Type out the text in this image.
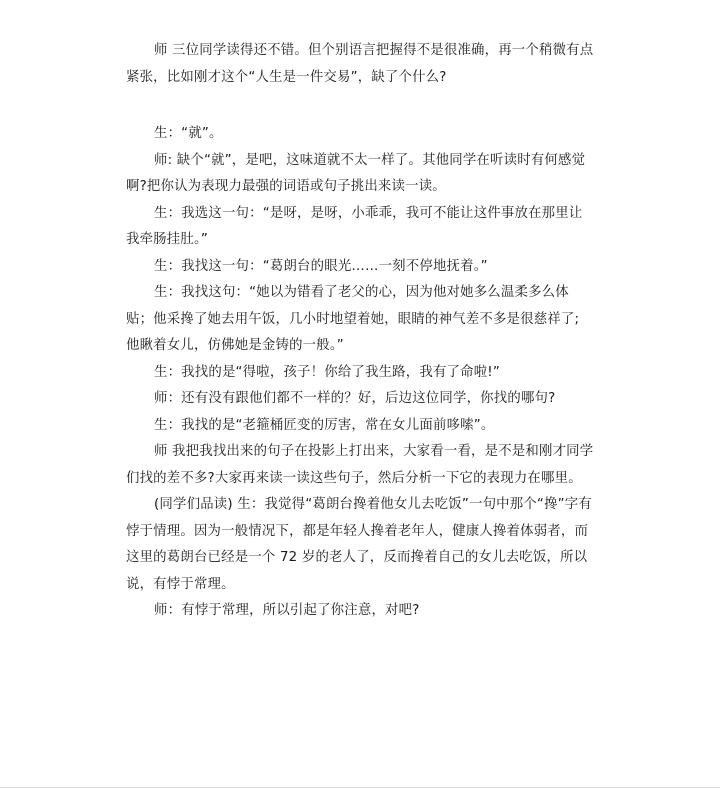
师 三位同学读得还不错。但个别语言把握得不是很准确，再一个稍微有点紧张，比如刚才这个“人生是一件交易”，缺了个什么?

生：“就”。

师: 缺个“就”，是吧，这味道就不太一样了。其他同学在听读时有何感觉啊?把你认为表现力最强的词语或句子挑出来读一读。

生：我选这一句：“是呀，是呀，小乖乖，我可不能让这件事放在那里让我牵肠挂肚。”

生：我找这一句：“葛朗台的眼光……一刻不停地抚着。”

生：我找这句：“她以为错看了老父的心，因为他对她多么温柔多么体贴；他采搀了她去用午饭，几小时地望着她，眼睛的神气差不多是很慈祥了; 他瞅着女儿，仿佛她是金铸的一般。”

生：我找的是“得啦，孩子！你给了我生路，我有了命啦!”

师：还有没有跟他们都不一样的？好，后边这位同学，你找的哪句?

生：我找的是“老箍桶匠变的厉害，常在女儿面前哆嗦”。

师 我把我找出来的句子在投影上打出来，大家看一看，是不是和刚才同学们找的差不多?大家再来读一读这些句子，然后分析一下它的表现力在哪里。

(同学们品读) 生：我觉得“葛朗台搀着他女儿去吃饭”一句中那个“搀”字有悖于情理。因为一般情况下，都是年轻人搀着老年人，健康人搀着体弱者，而这里的葛朗台已经是一个 72 岁的老人了，反而搀着自己的女儿去吃饭，所以说，有悖于常理。

师：有悖于常理，所以引起了你注意，对吧?
